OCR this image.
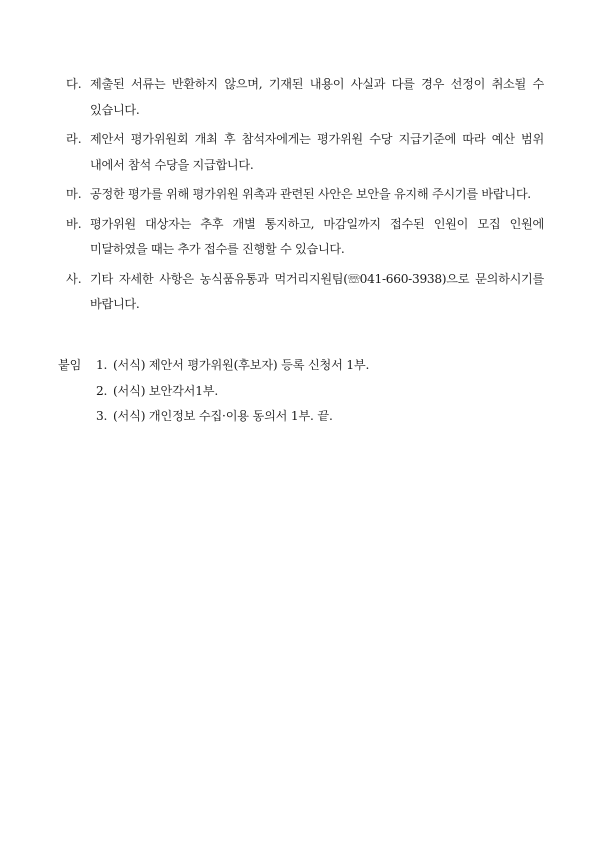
다. 제출된 서류는 반환하지 않으며, 기재된 내용이 사실과 다를 경우 선정이 취소될 수 있습니다.
라. 제안서 평가위원회 개최 후 참석자에게는 평가위원 수당 지급기준에 따라 예산 범위 내에서 참석 수당을 지급합니다.
마. 공정한 평가를 위해 평가위원 위촉과 관련된 사안은 보안을 유지해 주시기를 바랍니다.
바. 평가위원 대상자는 추후 개별 통지하고, 마감일까지 접수된 인원이 모집 인원에 미달하였을 때는 추가 접수를 진행할 수 있습니다.
사. 기타 자세한 사항은 농식품유통과 먹거리지원팀(☏041-660-3938)으로 문의하시기를 바랍니다.
붙임	1. (서식) 제안서 평가위원(후보자) 등록 신청서 1부.
2. (서식) 보안각서1부.
3. (서식) 개인정보 수집·이용 동의서 1부. 끝.
